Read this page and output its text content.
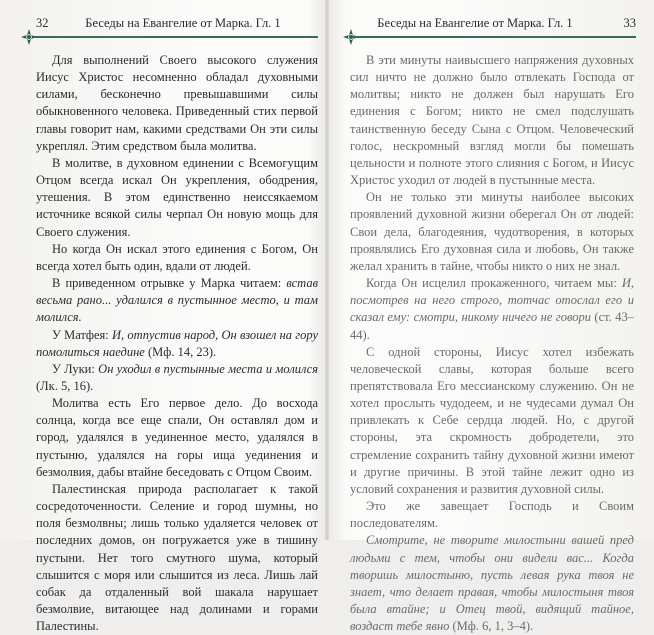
32	Беседы на Евангелие от Марка. Гл. 1

Для выполнений Своего высокого служения Иисус Христос несомненно обладал духовными силами, бесконечно превышавшими силы обыкновенного человека. Приведенный стих первой главы говорит нам, какими средствами Он эти силы укреплял. Этим средством была молитва.

В молитве, в духовном единении с Всемогущим Отцом всегда искал Он укрепления, ободрения, утешения. В этом единственно неиссякаемом источнике всякой силы черпал Он новую мощь для Своего служения.

Но когда Он искал этого единения с Богом, Он всегда хотел быть один, вдали от людей.

В приведенном отрывке у Марка читаем: встав весьма рано... удалился в пустынное место, и там молился.

У Матфея: И, отпустив народ, Он взошел на гору помолиться наедине (Мф. 14, 23).

У Луки: Он уходил в пустынные места и молился (Лк. 5, 16).

Молитва есть Его первое дело. До восхода солнца, когда все еще спали, Он оставлял дом и город, удалялся в уединенное место, удалялся в пустыню, удалялся на горы ища уединения и безмолвия, дабы втайне беседовать с Отцом Своим.

Палестинская природа располагает к такой сосредоточенности. Селение и город шумны, но поля безмолвны; лишь только удаляется человек от последних домов, он погружается уже в тишину пустыни. Нет того смутного шума, который слышится с моря или слышится из леса. Лишь лай собак да отдаленный вой шакала нарушает безмолвие, витающее над долинами и горами Палестины.

Беседы на Евангелие от Марка. Гл. 1	33

В эти минуты наивысшего напряжения духовных сил ничто не должно было отвлекать Господа от молитвы; никто не должен был нарушать Его единения с Богом; никто не смел подслушать таинственную беседу Сына с Отцом. Человеческий голос, нескромный взгляд могли бы помешать цельности и полноте этого слияния с Богом, и Иисус Христос уходил от людей в пустынные места.

Он не только эти минуты наиболее высоких проявлений духовной жизни оберегал Он от людей: Свои дела, благодеяния, чудотворения, в которых проявлялись Его духовная сила и любовь, Он также желал хранить в тайне, чтобы никто о них не знал.

Когда Он исцелил прокаженного, читаем мы: И, посмотрев на него строго, тотчас отослал его и сказал ему: смотри, никому ничего не говори (ст. 43–44).

С одной стороны, Иисус хотел избежать человеческой славы, которая больше всего препятствовала Его мессианскому служению. Он не хотел прослыть чудодеем, и не чудесами думал Он привлекать к Себе сердца людей. Но, с другой стороны, эта скромность добродетели, это стремление сохранить тайну духовной жизни имеют и другие причины. В этой тайне лежит одно из условий сохранения и развития духовной силы.

Это же завещает Господь и Своим последователям.

Смотрите, не творите милостыни вашей пред людьми с тем, чтобы они видели вас... Когда творишь милостыню, пусть левая рука твоя не знает, что делает правая, чтобы милостыня твоя была втайне; и Отец твой, видящий тайное, воздаст тебе явно (Мф. 6, 1, 3–4).
